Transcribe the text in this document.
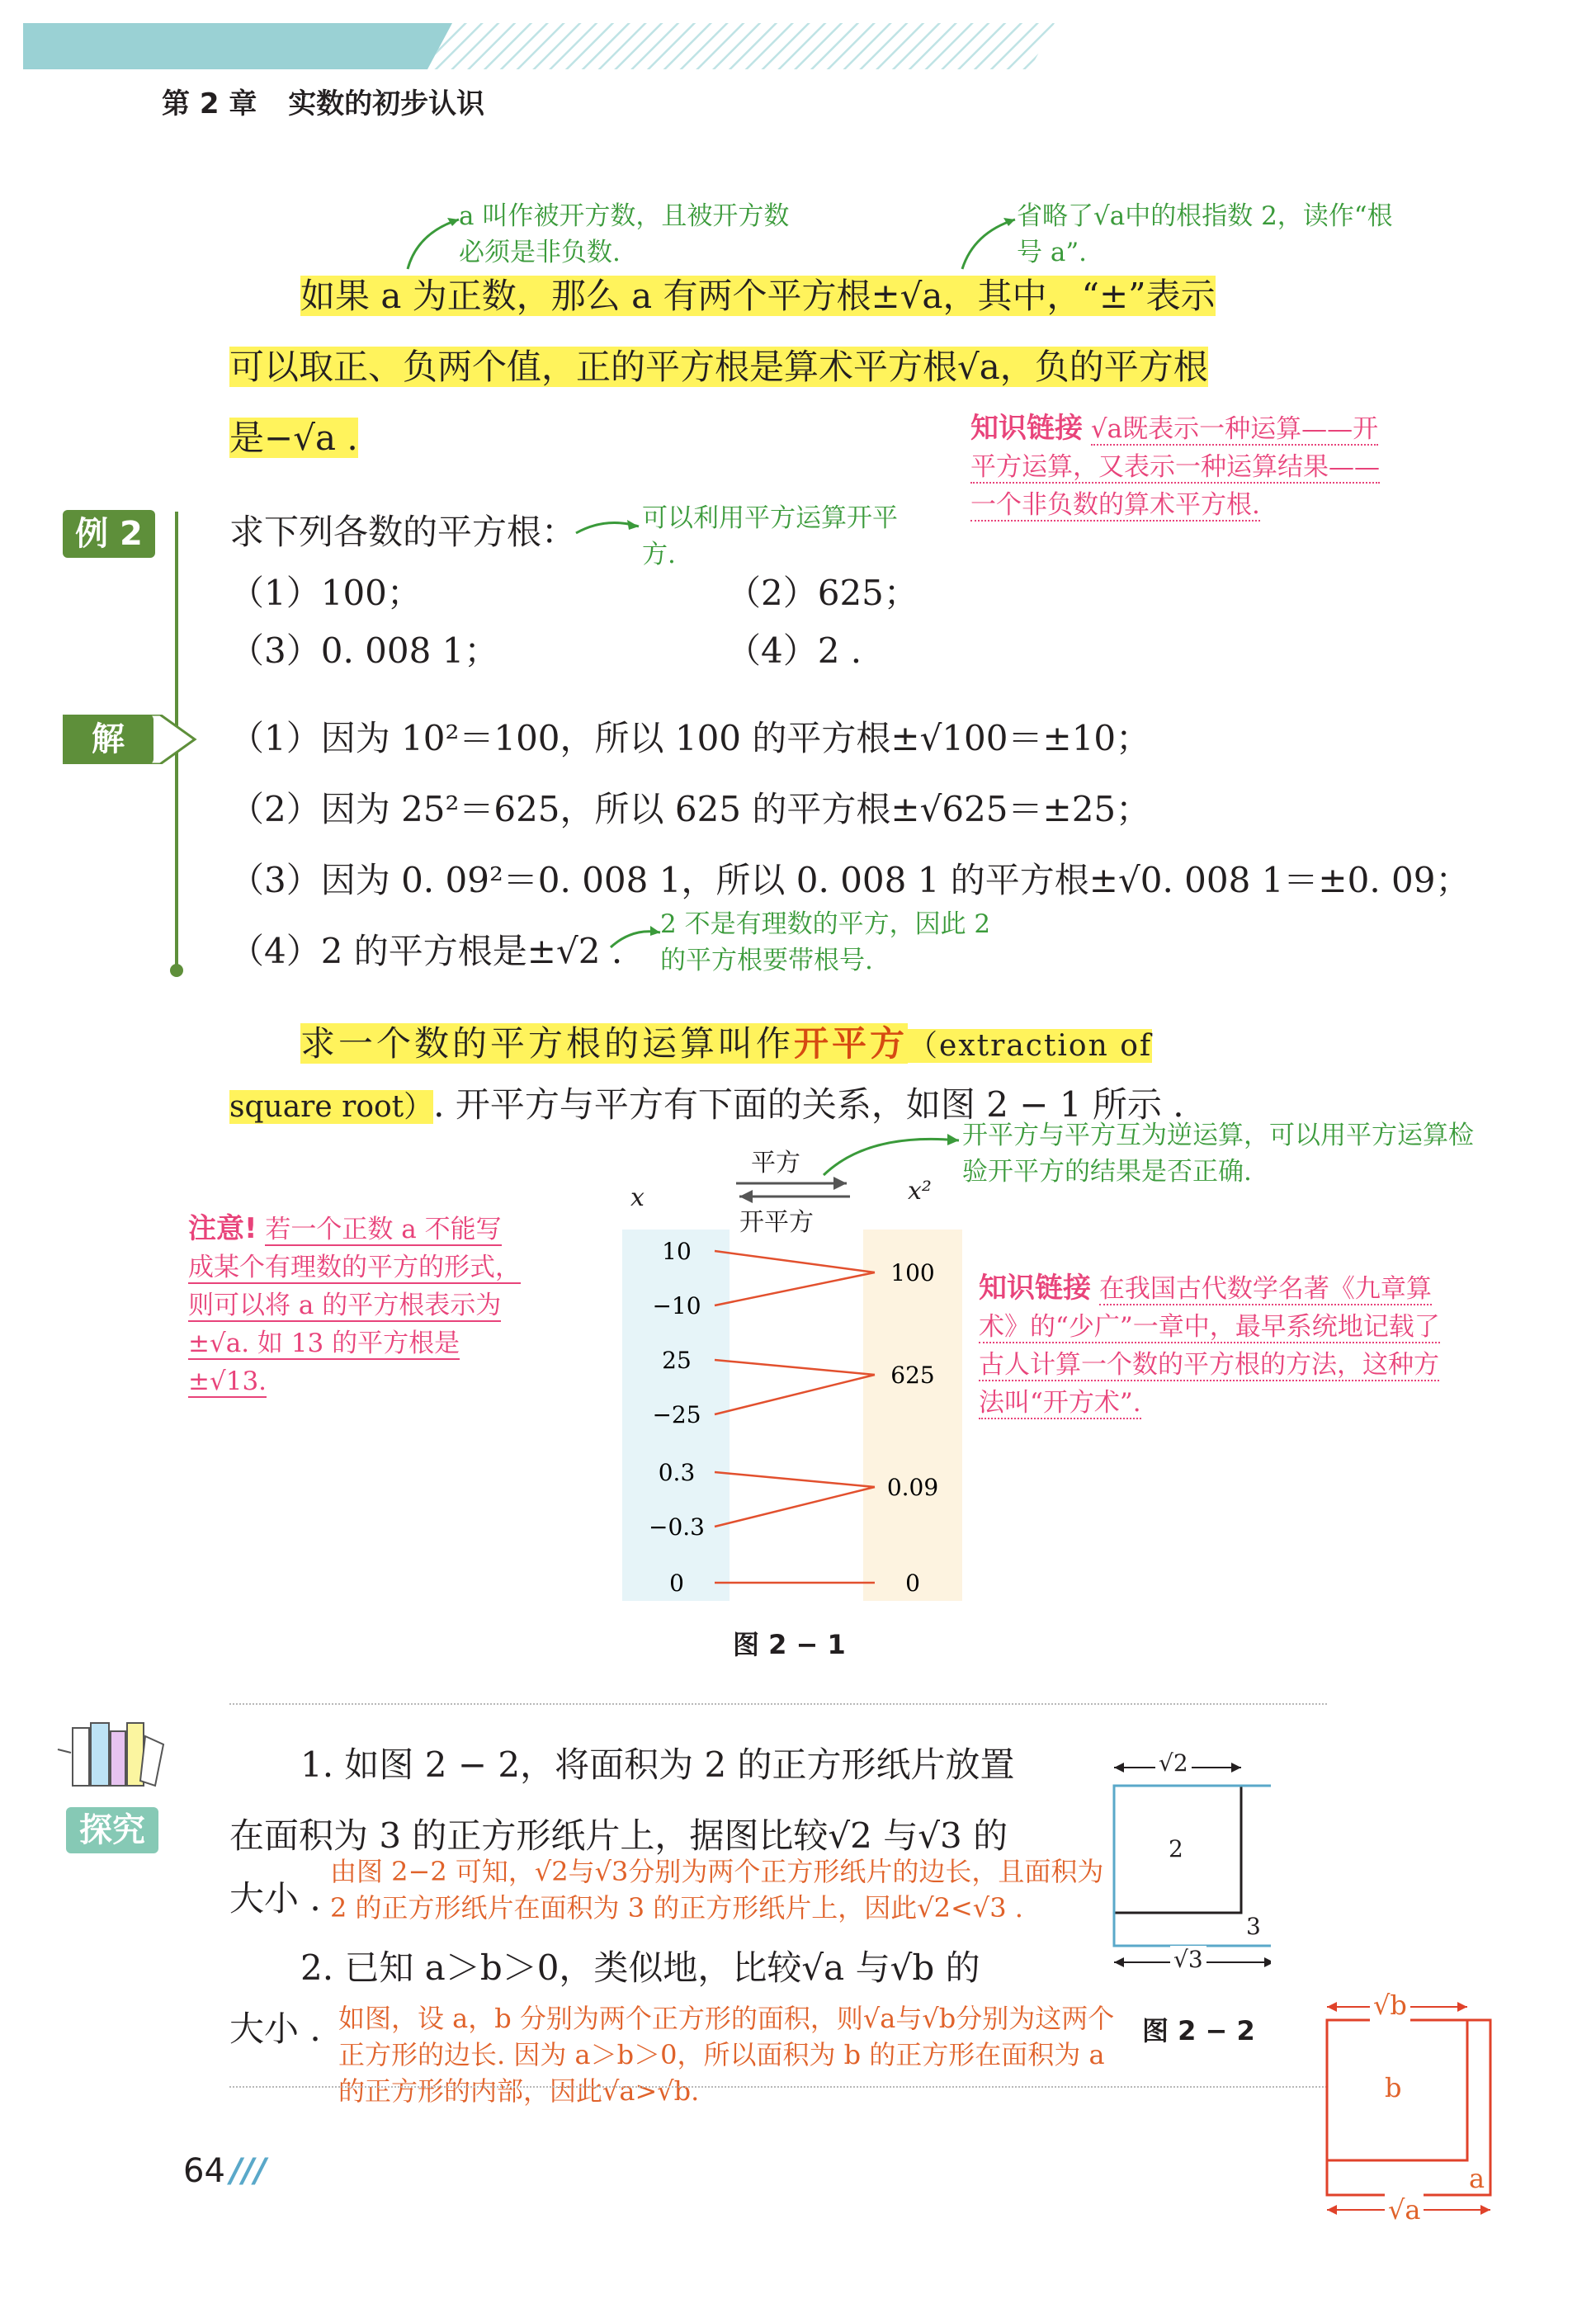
第 2 章 实数的初步认识
a 叫作被开方数，且被开方数必须是非负数.
省略了√a中的根指数 2，读作“根号 a”.
如果 a 为正数，那么 a 有两个平方根±√a，其中，“±”表示
可以取正、负两个值，正的平方根是算术平方根√a，负的平方根
是−√a .	知识链接 √a既表示一种运算——开平方运算，又表示一种运算结果——一个非负数的算术平方根.
例 2	求下列各数的平方根：	可以利用平方运算开平方.
（1）100；	（2）625；
（3）0. 008 1；	（4）2 .
解	（1）因为 10²＝100，所以 100 的平方根±√100＝±10；
（2）因为 25²＝625，所以 625 的平方根±√625＝±25；
（3）因为 0. 09²＝0. 008 1，所以 0. 008 1 的平方根±√0. 008 1＝±0. 09；
（4）2 的平方根是±√2 .
2 不是有理数的平方，因此 2 的平方根要带根号.
求一个数的平方根的运算叫作开平方（extraction of
square root）. 开平方与平方有下面的关系，如图 2 − 1 所示 .
开平方与平方互为逆运算，可以用平方运算检验开平方的结果是否正确.
注意! 若一个正数 a 不能写成某个有理数的平方的形式，则可以将 a 的平方根表示为 ±√a. 如 13 的平方根是 ±√13.
x	x²
平方
开平方
10
−10
25
−25
0.3
−0.3
0
100
625
0.09
0
图 2 − 1
知识链接 在我国古代数学名著《九章算术》的“少广”一章中，最早系统地记载了古人计算一个数的平方根的方法，这种方法叫“开方术”.
探究
1. 如图 2 − 2，将面积为 2 的正方形纸片放置
在面积为 3 的正方形纸片上，据图比较√2 与√3 的
大小 .
由图 2−2 可知，√2与√3分别为两个正方形纸片的边长，且面积为 2 的正方形纸片在面积为 3 的正方形纸片上，因此√2<√3 .
2. 已知 a＞b＞0，类似地，比较√a 与√b 的
大小 . 如图，设 a，b 分别为两个正方形的面积，则√a与√b分别为这两个正方形的边长. 因为 a＞b＞0，所以面积为 b 的正方形在面积为 a 的正方形的内部，因此√a>√b.
√2
2
3
√3
图 2 − 2
√b
b
a
√a
64 ///
